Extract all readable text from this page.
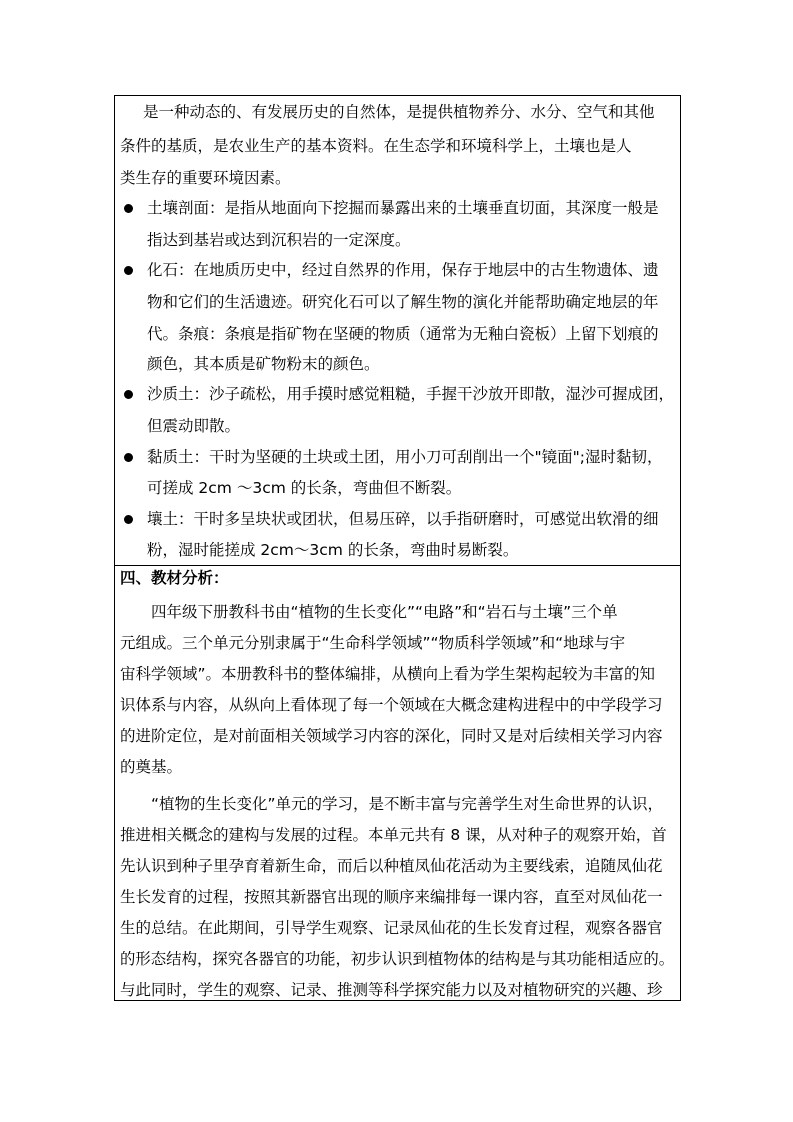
是一种动态的、有发展历史的自然体，是提供植物养分、水分、空气和其他
条件的基质，是农业生产的基本资料。在生态学和环境科学上，土壤也是人
类生存的重要环境因素。
土壤剖面：是指从地面向下挖掘而暴露出来的土壤垂直切面，其深度一般是
指达到基岩或达到沉积岩的一定深度。
化石：在地质历史中，经过自然界的作用，保存于地层中的古生物遗体、遗
物和它们的生活遗迹。研究化石可以了解生物的演化并能帮助确定地层的年
代。条痕：条痕是指矿物在坚硬的物质（通常为无釉白瓷板）上留下划痕的
颜色，其本质是矿物粉末的颜色。
沙质土：沙子疏松，用手摸时感觉粗糙，手握干沙放开即散，湿沙可握成团，
但震动即散。
黏质土：干时为坚硬的土块或土团，用小刀可刮削出一个"镜面";湿时黏韧，
可搓成 2cm ～3cm 的长条，弯曲但不断裂。
壤土：干时多呈块状或团状，但易压碎，以手指研磨时，可感觉出软滑的细
粉，湿时能搓成 2cm～3cm 的长条，弯曲时易断裂。
四、教材分析：
四年级下册教科书由“植物的生长变化”“电路”和“岩石与土壤”三个单
元组成。三个单元分别隶属于“生命科学领域”“物质科学领域”和“地球与宇
宙科学领域”。本册教科书的整体编排，从横向上看为学生架构起较为丰富的知
识体系与内容，从纵向上看体现了每一个领域在大概念建构进程中的中学段学习
的进阶定位，是对前面相关领域学习内容的深化，同时又是对后续相关学习内容
的奠基。
“植物的生长变化”单元的学习，是不断丰富与完善学生对生命世界的认识，
推进相关概念的建构与发展的过程。本单元共有 8 课，从对种子的观察开始，首
先认识到种子里孕育着新生命，而后以种植凤仙花活动为主要线索，追随凤仙花
生长发育的过程，按照其新器官出现的顺序来编排每一课内容，直至对凤仙花一
生的总结。在此期间，引导学生观察、记录凤仙花的生长发育过程，观察各器官
的形态结构，探究各器官的功能，初步认识到植物体的结构是与其功能相适应的。
与此同时，学生的观察、记录、推测等科学探究能力以及对植物研究的兴趣、珍
